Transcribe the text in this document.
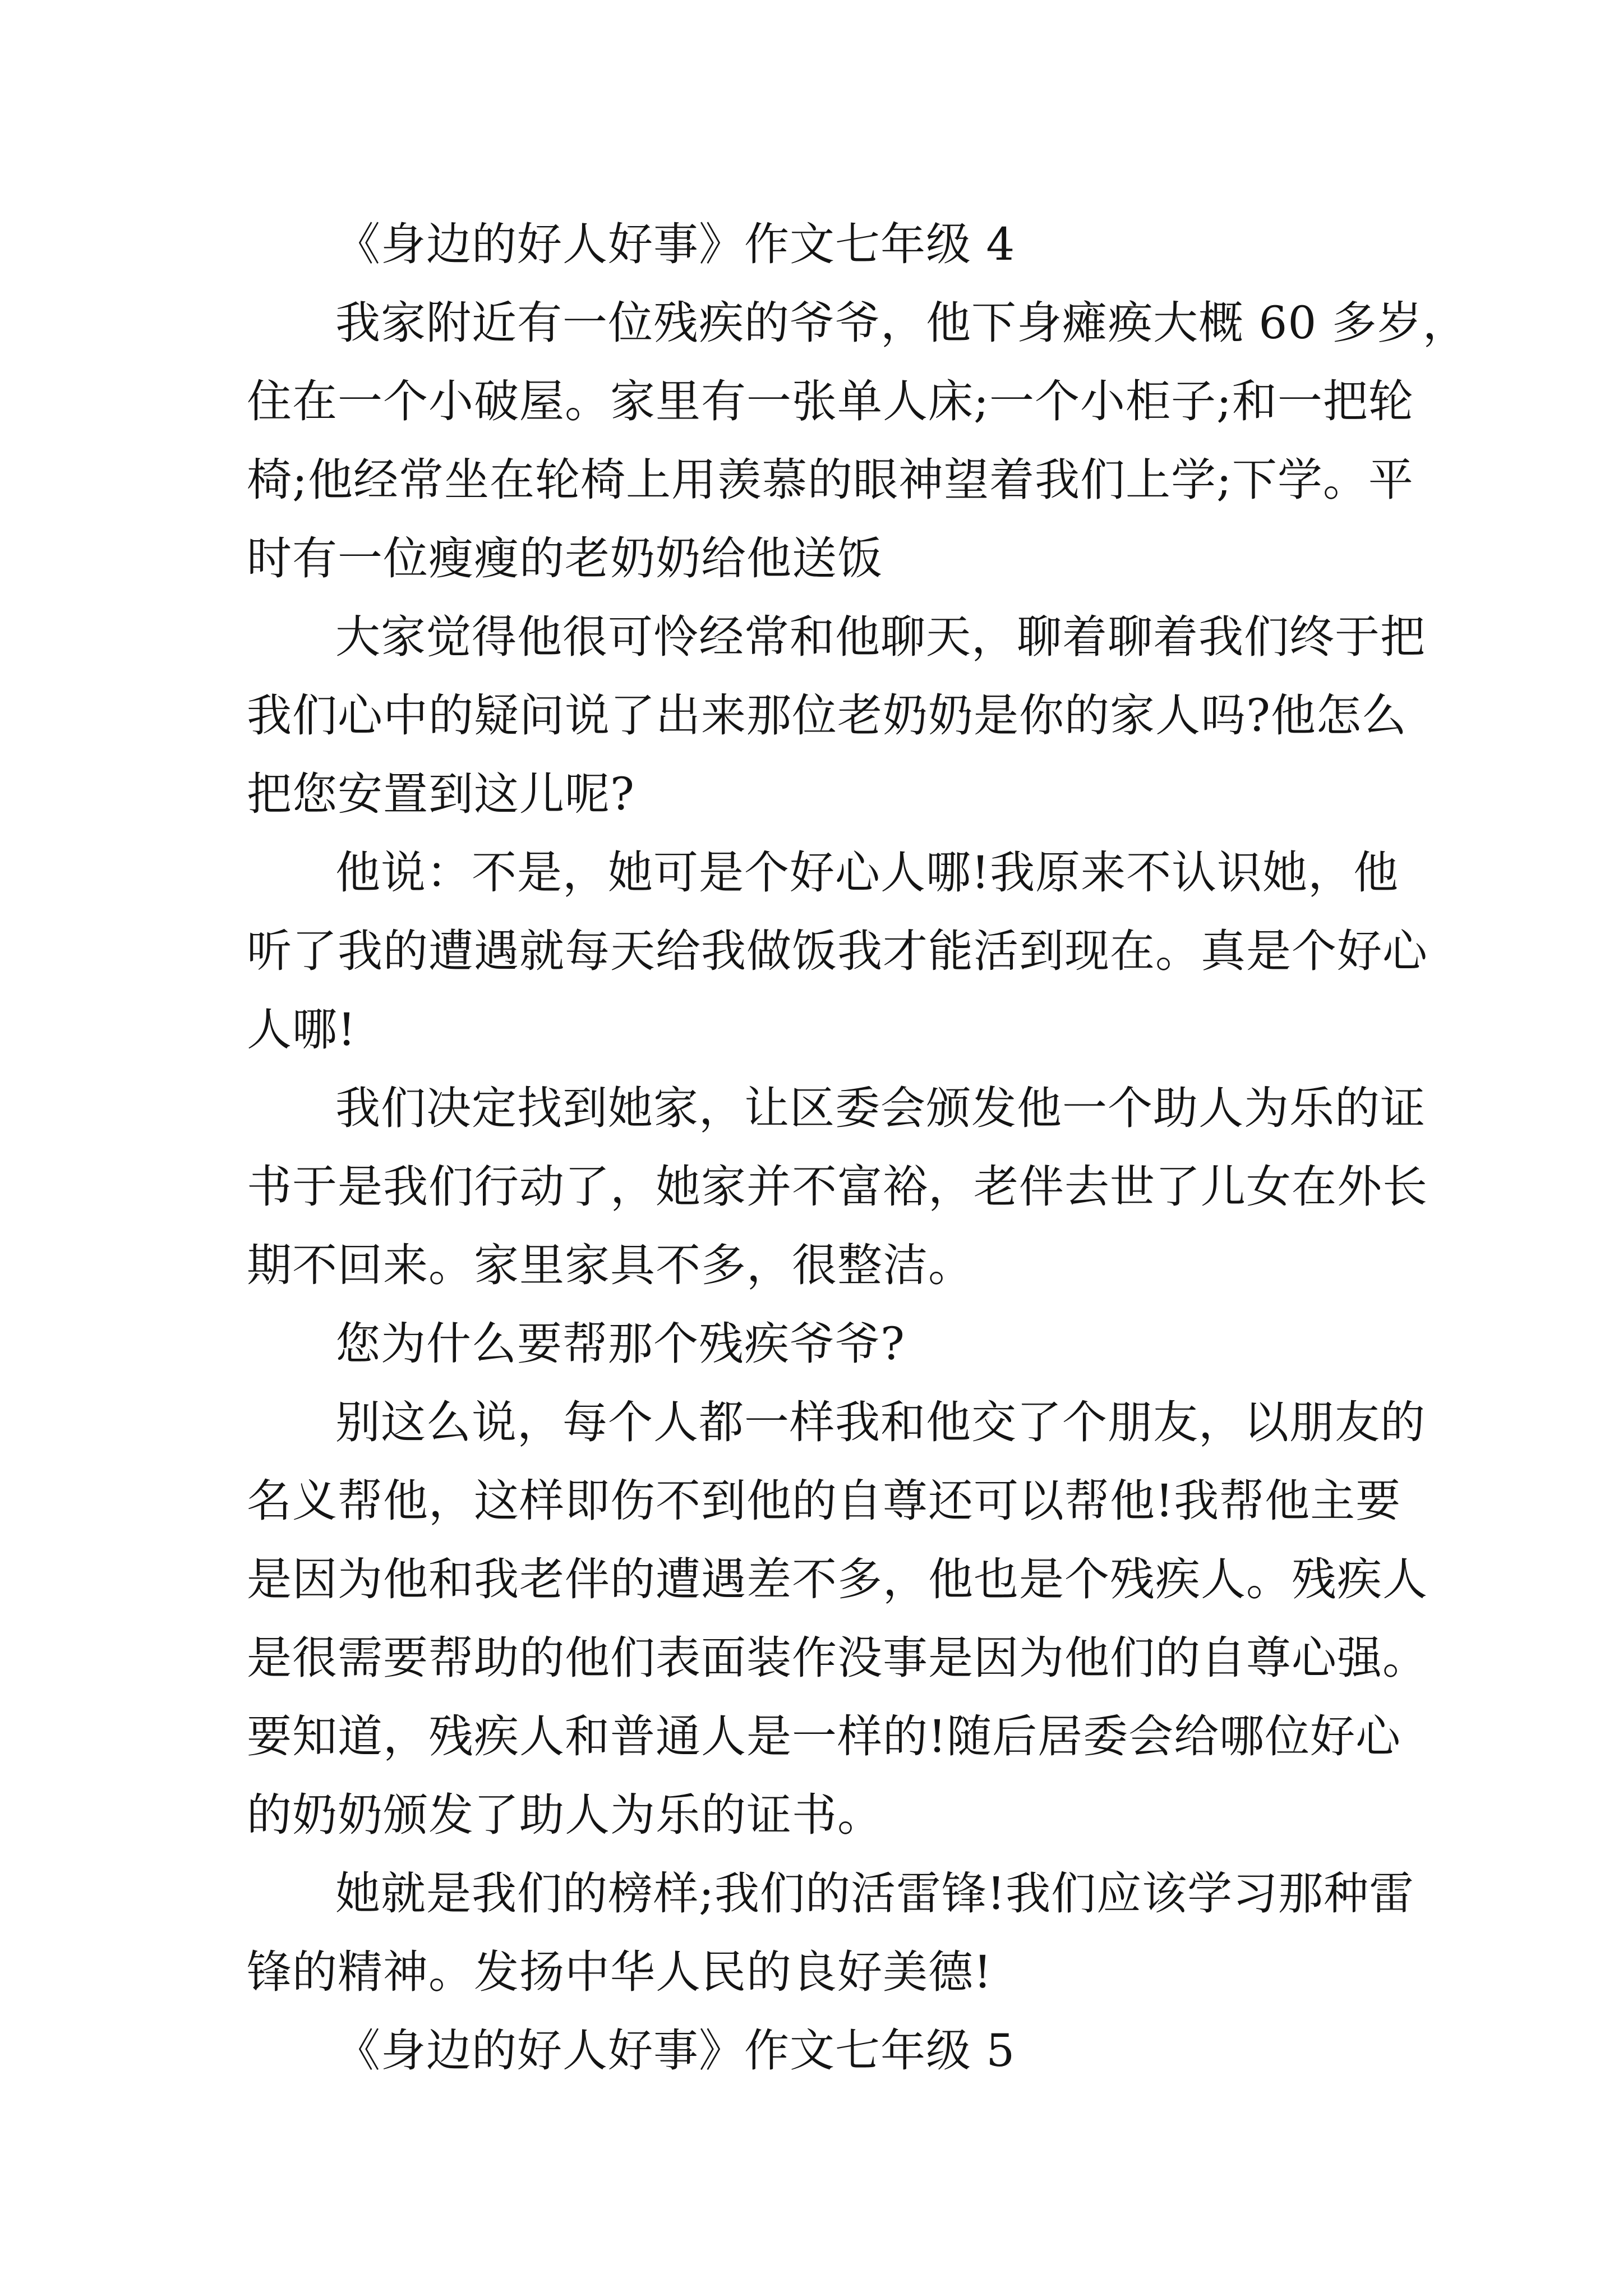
《身边的好人好事》作文七年级 4
我家附近有一位残疾的爷爷，他下身瘫痪大概 60 多岁，
住在一个小破屋。家里有一张单人床;一个小柜子;和一把轮
椅;他经常坐在轮椅上用羡慕的眼神望着我们上学;下学。平
时有一位瘦瘦的老奶奶给他送饭
大家觉得他很可怜经常和他聊天，聊着聊着我们终于把
我们心中的疑问说了出来那位老奶奶是你的家人吗?他怎么
把您安置到这儿呢?
他说：不是，她可是个好心人哪!我原来不认识她，他
听了我的遭遇就每天给我做饭我才能活到现在。真是个好心
人哪!
我们决定找到她家，让区委会颁发他一个助人为乐的证
书于是我们行动了，她家并不富裕，老伴去世了儿女在外长
期不回来。家里家具不多，很整洁。
您为什么要帮那个残疾爷爷?
别这么说，每个人都一样我和他交了个朋友，以朋友的
名义帮他，这样即伤不到他的自尊还可以帮他!我帮他主要
是因为他和我老伴的遭遇差不多，他也是个残疾人。残疾人
是很需要帮助的他们表面装作没事是因为他们的自尊心强。
要知道，残疾人和普通人是一样的!随后居委会给哪位好心
的奶奶颁发了助人为乐的证书。
她就是我们的榜样;我们的活雷锋!我们应该学习那种雷
锋的精神。发扬中华人民的良好美德!
《身边的好人好事》作文七年级 5
